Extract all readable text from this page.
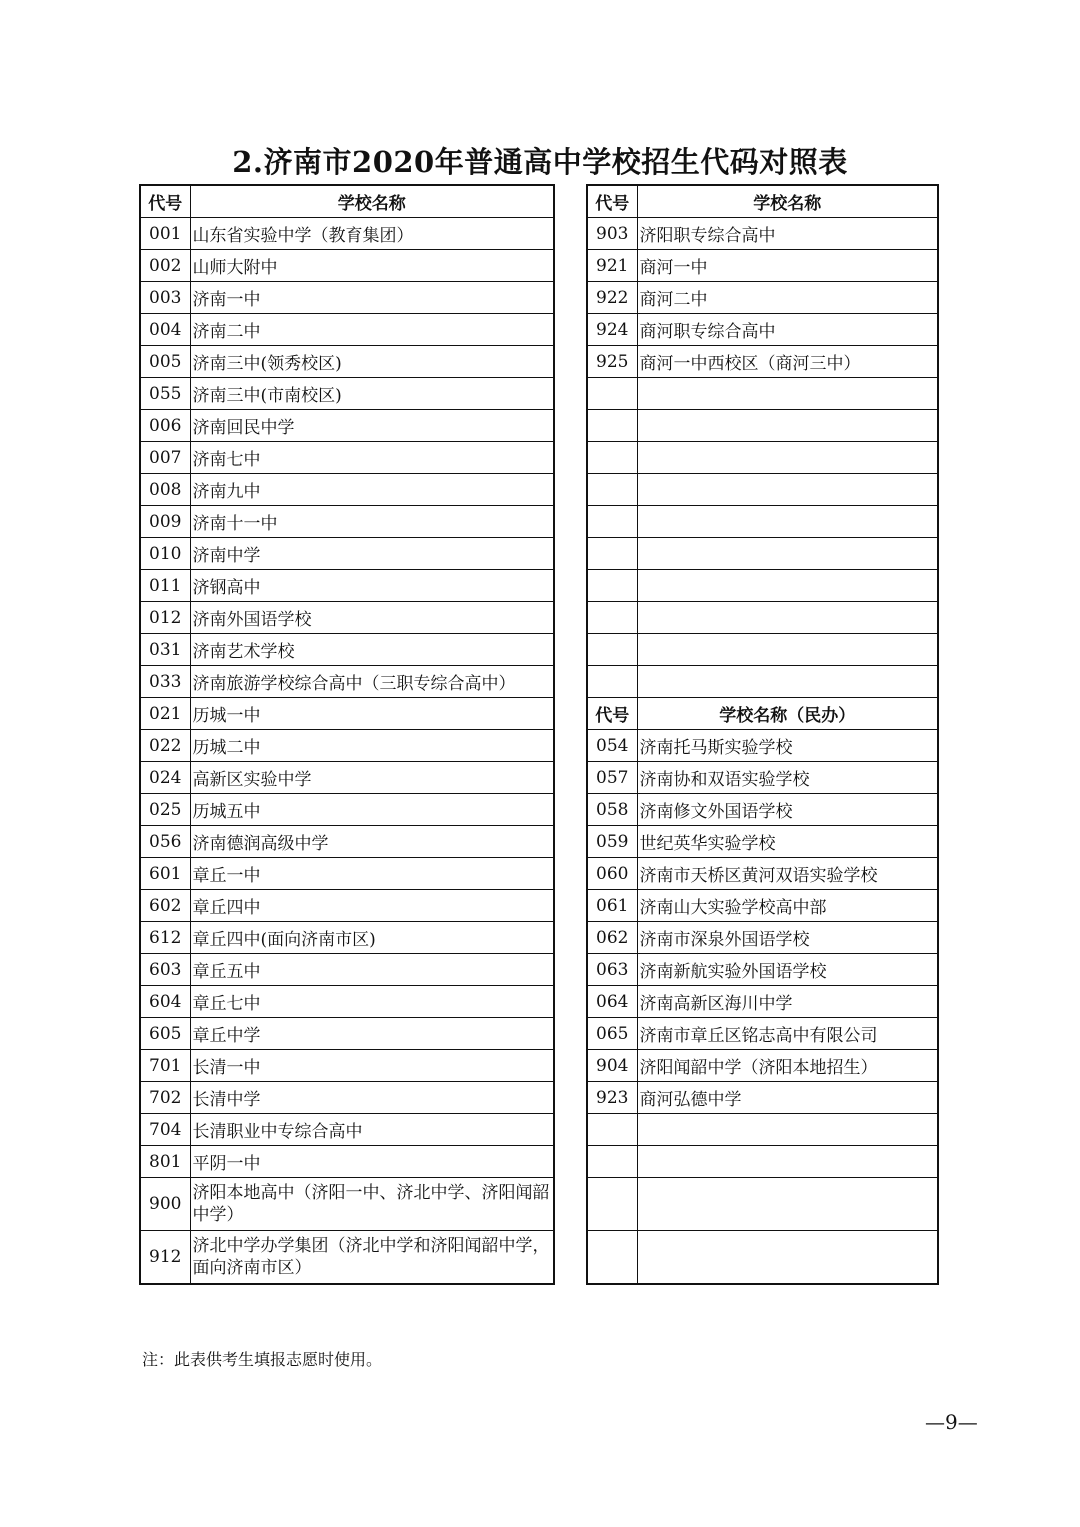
2.济南市2020年普通高中学校招生代码对照表
代号	学校名称
001	山东省实验中学（教育集团）
002	山师大附中
003	济南一中
004	济南二中
005	济南三中(领秀校区)
055	济南三中(市南校区)
006	济南回民中学
007	济南七中
008	济南九中
009	济南十一中
010	济南中学
011	济钢高中
012	济南外国语学校
031	济南艺术学校
033	济南旅游学校综合高中（三职专综合高中）
021	历城一中
022	历城二中
024	高新区实验中学
025	历城五中
056	济南德润高级中学
601	章丘一中
602	章丘四中
612	章丘四中(面向济南市区)
603	章丘五中
604	章丘七中
605	章丘中学
701	长清一中
702	长清中学
704	长清职业中专综合高中
801	平阴一中
900	济阳本地高中（济阳一中、济北中学、济阳闻韶中学）
912	济北中学办学集团（济北中学和济阳闻韶中学，面向济南市区）
代号	学校名称
903	济阳职专综合高中
921	商河一中
922	商河二中
924	商河职专综合高中
925	商河一中西校区（商河三中）

代号	学校名称（民办）
054	济南托马斯实验学校
057	济南协和双语实验学校
058	济南修文外国语学校
059	世纪英华实验学校
060	济南市天桥区黄河双语实验学校
061	济南山大实验学校高中部
062	济南市深泉外国语学校
063	济南新航实验外国语学校
064	济南高新区海川中学
065	济南市章丘区铭志高中有限公司
904	济阳闻韶中学（济阳本地招生）
923	商河弘德中学

注：此表供考生填报志愿时使用。
—9—
